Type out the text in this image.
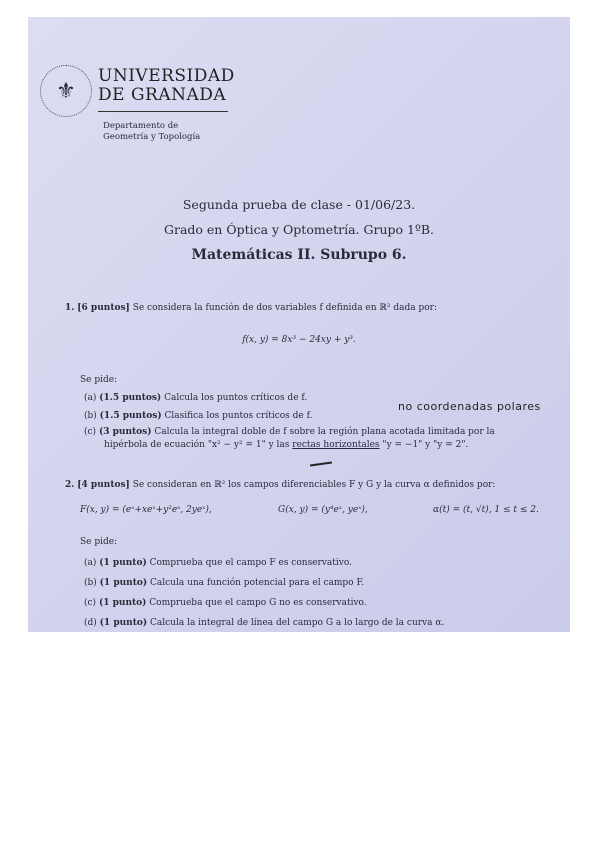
⚜
UNIVERSIDAD
DE GRANADA
Departamento de
Geometría y Topología
Segunda prueba de clase - 01/06/23.
Grado en Óptica y Optometría. Grupo 1ºB.
Matemáticas II. Subrupo 6.
1. [6 puntos] Se considera la función de dos variables f definida en ℝ² dada por:
f(x, y) = 8x³ − 24xy + y³.
Se pide:
(a) (1.5 puntos) Calcula los puntos críticos de f.
(b) (1.5 puntos) Clasifica los puntos críticos de f.
no coordenadas polares
(c) (3 puntos) Calcula la integral doble de f sobre la región plana acotada limitada por la
hipérbola de ecuación "x² − y² = 1" y las rectas horizontales "y = −1" y "y = 2".
2. [4 puntos] Se consideran en ℝ² los campos diferenciables F y G y la curva α definidos por:
F(x, y) = (eˣ+xeˣ+y²eˣ, 2yeˣ),	G(x, y) = (y⁴eˣ, yeˣ),	α(t) = (t, √t), 1 ≤ t ≤ 2.
Se pide:
(a) (1 punto) Comprueba que el campo F es conservativo.
(b) (1 punto) Calcula una función potencial para el campo F.
(c) (1 punto) Comprueba que el campo G no es conservativo.
(d) (1 punto) Calcula la integral de línea del campo G a lo largo de la curva α.
